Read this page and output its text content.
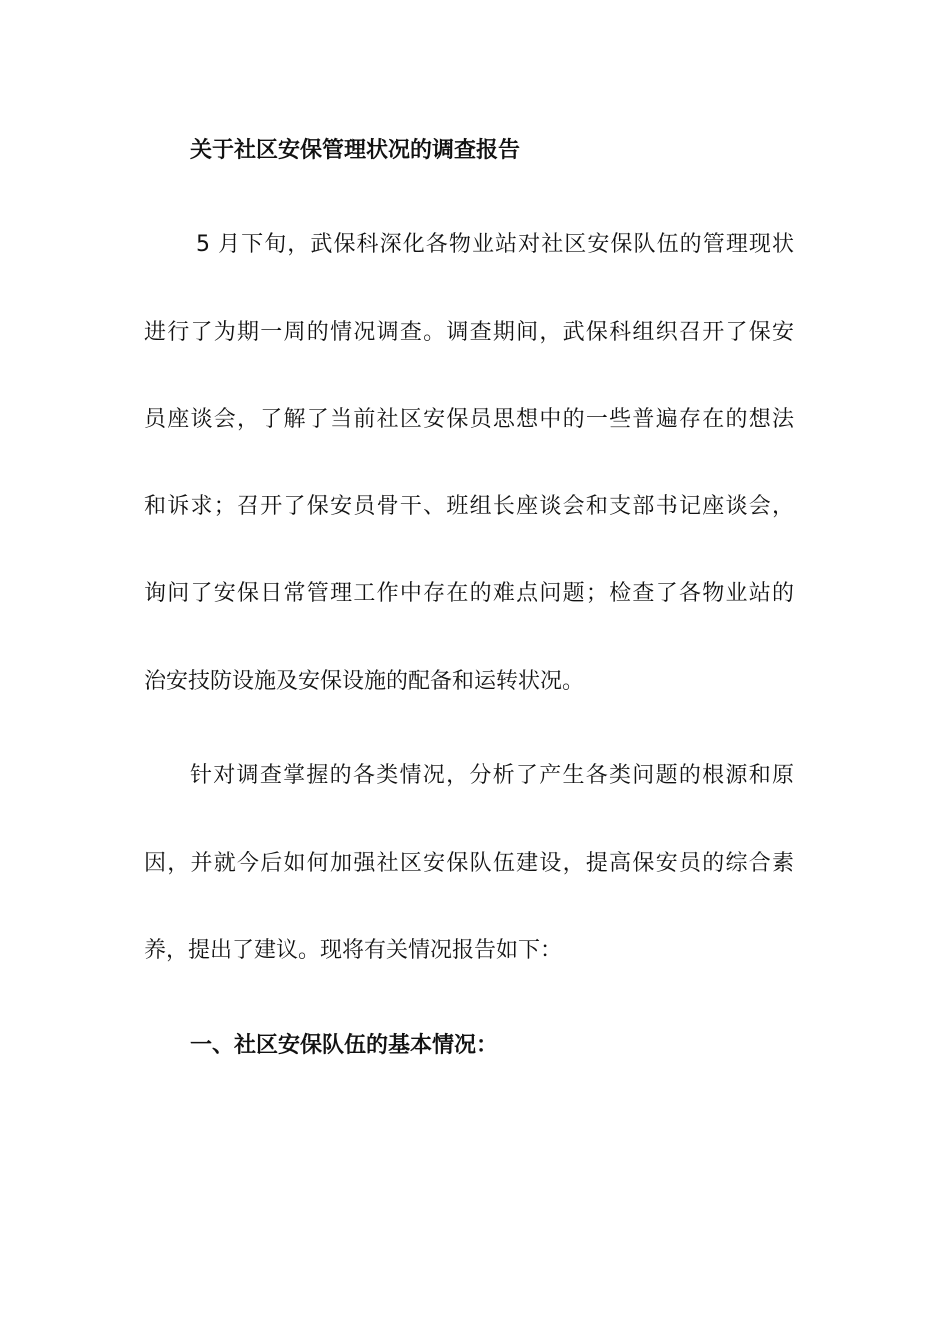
关于社区安保管理状况的调查报告
5 月下旬，武保科深化各物业站对社区安保队伍的管理现状
进行了为期一周的情况调查。调查期间，武保科组织召开了保安
员座谈会，了解了当前社区安保员思想中的一些普遍存在的想法
和诉求；召开了保安员骨干、班组长座谈会和支部书记座谈会，
询问了安保日常管理工作中存在的难点问题；检查了各物业站的
治安技防设施及安保设施的配备和运转状况。
针对调查掌握的各类情况，分析了产生各类问题的根源和原
因，并就今后如何加强社区安保队伍建设，提高保安员的综合素
养，提出了建议。现将有关情况报告如下：
一、社区安保队伍的基本情况：
